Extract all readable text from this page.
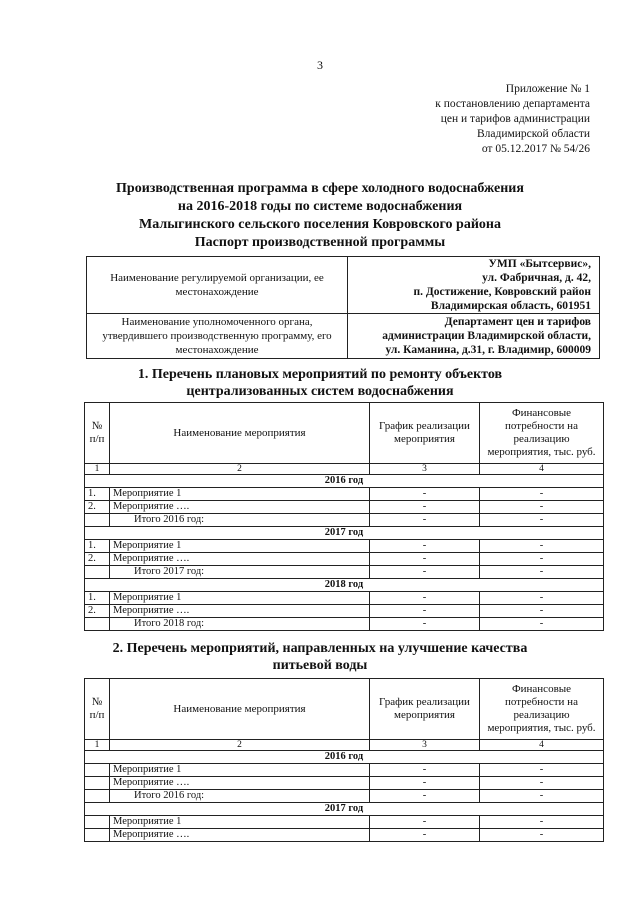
3
Приложение № 1
к постановлению департамента
цен и тарифов администрации
Владимирской области
от 05.12.2017 № 54/26
Производственная программа в сфере холодного водоснабжения
на 2016-2018 годы по системе водоснабжения
Малыгинского сельского поселения Ковровского района
Паспорт производственной программы
Наименование регулируемой организации, ее местонахождение	УМП «Бытсервис»,
ул. Фабричная, д. 42,
п. Достижение, Ковровский район
Владимирская область, 601951

Наименование уполномоченного органа, утвердившего производственную программу, его местонахождение	Департамент цен и тарифов
администрации Владимирской области,
ул. Каманина, д.31, г. Владимир, 600009
1. Перечень плановых мероприятий по ремонту объектов
централизованных систем водоснабжения
№ п/п	Наименование мероприятия	График реализации мероприятия	Финансовые потребности на реализацию мероприятия, тыс. руб.
1	2	3	4
2016 год			
1.	Мероприятие 1	-	-
2.	Мероприятие ….	-	-
	Итого 2016 год:	-	-
2017 год			
1.	Мероприятие 1	-	-
2.	Мероприятие ….	-	-
	Итого 2017 год:	-	-
2018 год			
1.	Мероприятие 1	-	-
2.	Мероприятие ….	-	-
	Итого 2018 год:	-	-
2. Перечень мероприятий, направленных на улучшение качества
питьевой воды
№ п/п	Наименование мероприятия	График реализации мероприятия	Финансовые потребности на реализацию мероприятия, тыс. руб.
1	2	3	4
2016 год			
	Мероприятие 1	-	-
	Мероприятие ….	-	-
	Итого 2016 год:	-	-
2017 год			
	Мероприятие 1	-	-
	Мероприятие ….	-	-
